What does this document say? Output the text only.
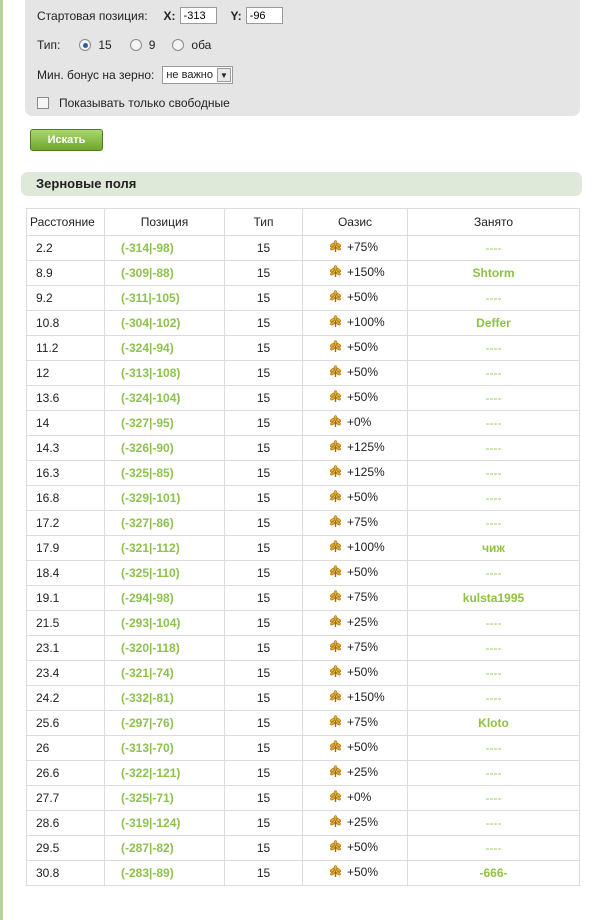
Стартовая позиция: X:
-313	Y:
-96
Тип:	15	9	оба
Мин. бонус на зерно: не важно ▼
Показывать только свободные
Искать
Зерновые поля
Расстояние	Позиция	Тип	Оазис	Занято
2.2	(-314|-98)	15	+75%	----
8.9	(-309|-88)	15	+150%	Shtorm
9.2	(-311|-105)	15	+50%	----
10.8	(-304|-102)	15	+100%	Deffer
11.2	(-324|-94)	15	+50%	----
12	(-313|-108)	15	+50%	----
13.6	(-324|-104)	15	+50%	----
14	(-327|-95)	15	+0%	----
14.3	(-326|-90)	15	+125%	----
16.3	(-325|-85)	15	+125%	----
16.8	(-329|-101)	15	+50%	----
17.2	(-327|-86)	15	+75%	----
17.9	(-321|-112)	15	+100%	чиж
18.4	(-325|-110)	15	+50%	----
19.1	(-294|-98)	15	+75%	kulsta1995
21.5	(-293|-104)	15	+25%	----
23.1	(-320|-118)	15	+75%	----
23.4	(-321|-74)	15	+50%	----
24.2	(-332|-81)	15	+150%	----
25.6	(-297|-76)	15	+75%	Kloto
26	(-313|-70)	15	+50%	----
26.6	(-322|-121)	15	+25%	----
27.7	(-325|-71)	15	+0%	----
28.6	(-319|-124)	15	+25%	----
29.5	(-287|-82)	15	+50%	----
30.8	(-283|-89)	15	+50%	-666-
